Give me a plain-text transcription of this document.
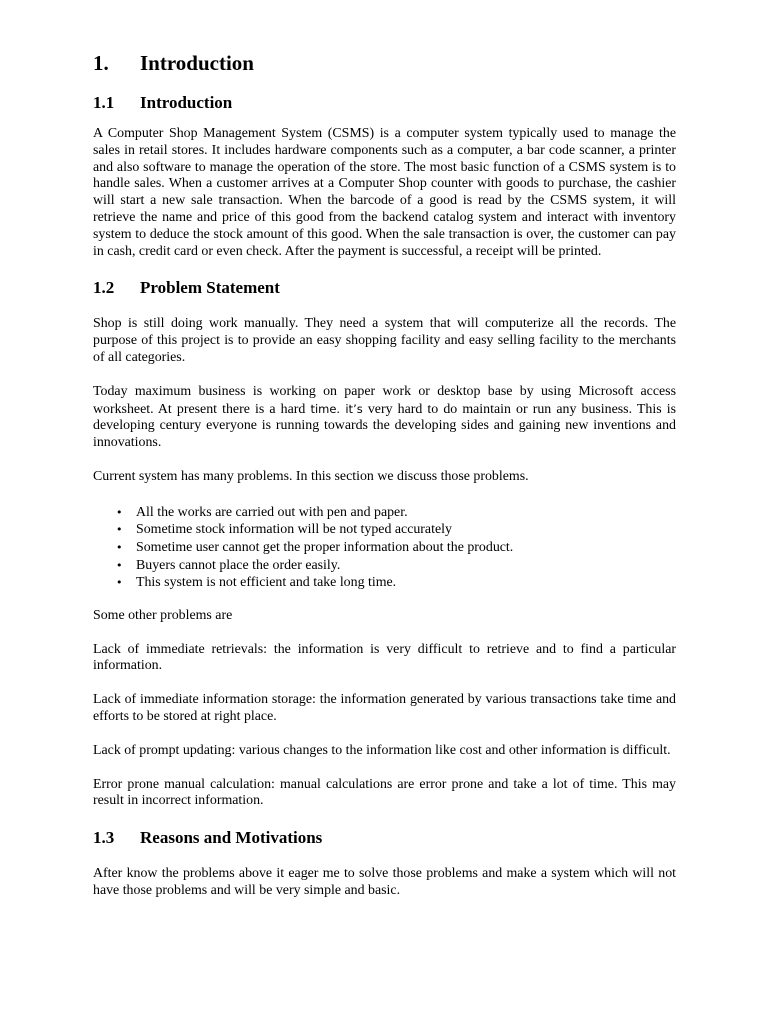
1.	Introduction
1.1	Introduction

A Computer Shop Management System (CSMS) is a computer system typically used to manage the sales in retail stores. It includes hardware components such as a computer, a bar code scanner, a printer and also software to manage the operation of the store. The most basic function of a CSMS system is to handle sales. When a customer arrives at a Computer Shop counter with goods to purchase, the cashier will start a new sale transaction. When the barcode of a good is read by the CSMS system, it will retrieve the name and price of this good from the backend catalog system and interact with inventory system to deduce the stock amount of this good. When the sale transaction is over, the customer can pay in cash, credit card or even check. After the payment is successful, a receipt will be printed.

1.2	Problem Statement

Shop is still doing work manually. They need a system that will computerize all the records. The purpose of this project is to provide an easy shopping facility and easy selling facility to the merchants of all categories.

Today maximum business is working on paper work or desktop base by using Microsoft access worksheet. At present there is a hard time. it’s very hard to do maintain or run any business. This is developing century everyone is running towards the developing sides and gaining new inventions and innovations.

Current system has many problems. In this section we discuss those problems.

• All the works are carried out with pen and paper.
• Sometime stock information will be not typed accurately
• Sometime user cannot get the proper information about the product.
• Buyers cannot place the order easily.
• This system is not efficient and take long time.

Some other problems are

Lack of immediate retrievals: the information is very difficult to retrieve and to find a particular information.

Lack of immediate information storage: the information generated by various transactions take time and efforts to be stored at right place.

Lack of prompt updating: various changes to the information like cost and other information is difficult.

Error prone manual calculation: manual calculations are error prone and take a lot of time. This may result in incorrect information.

1.3	Reasons and Motivations

After know the problems above it eager me to solve those problems and make a system which will not have those problems and will be very simple and basic.
